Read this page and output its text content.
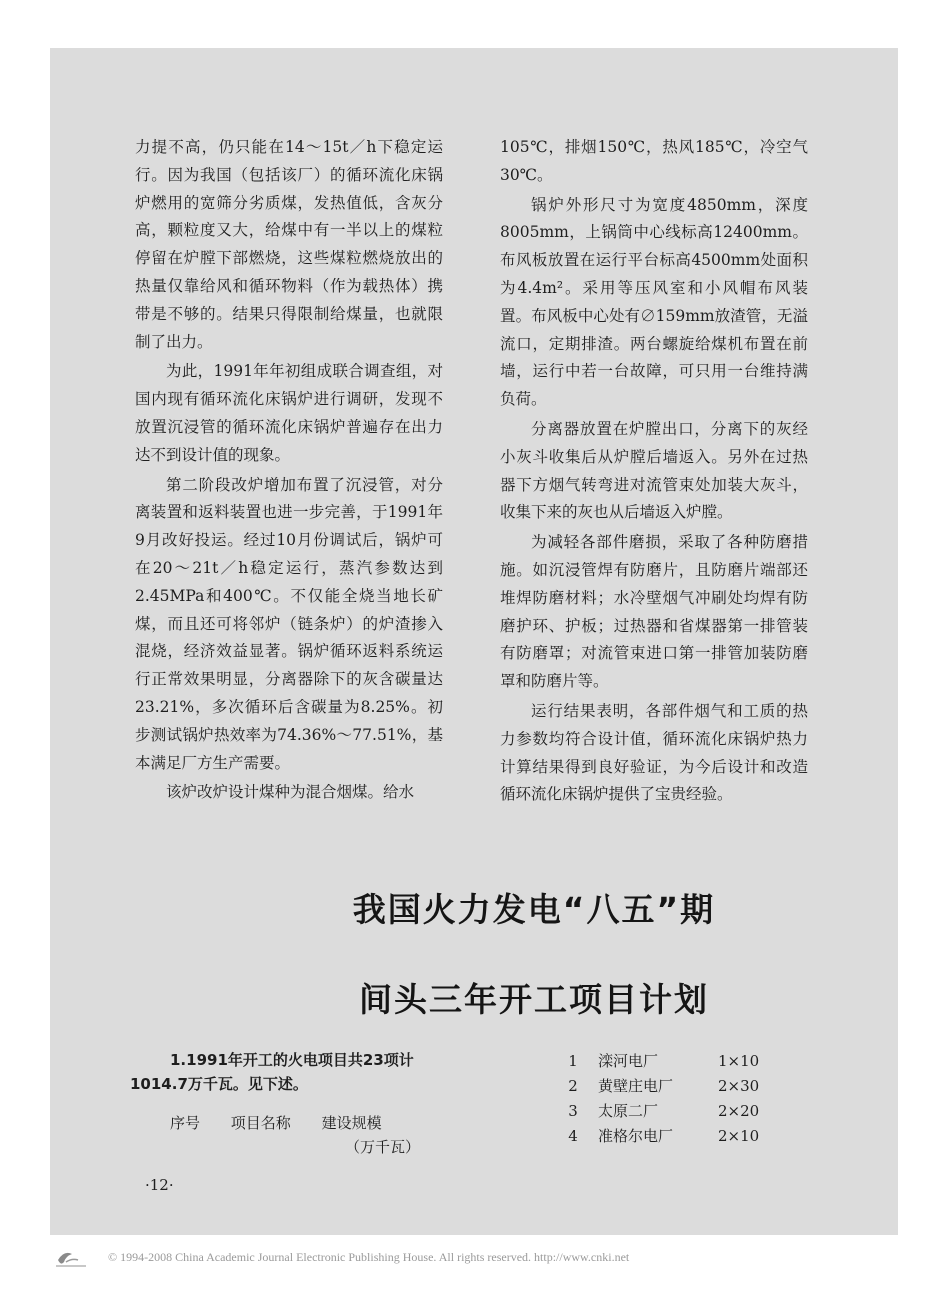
力提不高，仍只能在14～15t／h下稳定运行。因为我国（包括该厂）的循环流化床锅炉燃用的宽筛分劣质煤，发热值低，含灰分高，颗粒度又大，给煤中有一半以上的煤粒停留在炉膛下部燃烧，这些煤粒燃烧放出的热量仅靠给风和循环物料（作为载热体）携带是不够的。结果只得限制给煤量，也就限制了出力。

为此，1991年年初组成联合调查组，对国内现有循环流化床锅炉进行调研，发现不放置沉浸管的循环流化床锅炉普遍存在出力达不到设计值的现象。

第二阶段改炉增加布置了沉浸管，对分离装置和返料装置也进一步完善，于1991年9月改好投运。经过10月份调试后，锅炉可在20～21t／h稳定运行，蒸汽参数达到2.45MPa和400℃。不仅能全烧当地长矿煤，而且还可将邻炉（链条炉）的炉渣掺入混烧，经济效益显著。锅炉循环返料系统运行正常效果明显，分离器除下的灰含碳量达23.21%，多次循环后含碳量为8.25%。初步测试锅炉热效率为74.36%～77.51%，基本满足厂方生产需要。

该炉改炉设计煤种为混合烟煤。给水

105℃，排烟150℃，热风185℃，冷空气30℃。

锅炉外形尺寸为宽度4850mm，深度8005mm，上锅筒中心线标高12400mm。布风板放置在运行平台标高4500mm处面积为4.4m²。采用等压风室和小风帽布风装置。布风板中心处有∅159mm放渣管，无溢流口，定期排渣。两台螺旋给煤机布置在前墙，运行中若一台故障，可只用一台维持满负荷。

分离器放置在炉膛出口，分离下的灰经小灰斗收集后从炉膛后墙返入。另外在过热器下方烟气转弯进对流管束处加装大灰斗，收集下来的灰也从后墙返入炉膛。

为减轻各部件磨损，采取了各种防磨措施。如沉浸管焊有防磨片，且防磨片端部还堆焊防磨材料；水冷壁烟气冲刷处均焊有防磨护环、护板；过热器和省煤器第一排管装有防磨罩；对流管束进口第一排管加装防磨罩和防磨片等。

运行结果表明，各部件烟气和工质的热力参数均符合设计值，循环流化床锅炉热力计算结果得到良好验证，为今后设计和改造循环流化床锅炉提供了宝贵经验。

我国火力发电“八五”期
间头三年开工项目计划
1.1991年开工的火电项目共23项计
1014.7万千瓦。见下述。
序号 项目名称 建设规模
（万千瓦）
1 滦河电厂	1×10
2 黄壁庄电厂	2×30
3 太原二厂	2×20
4 准格尔电厂	2×10
·12·
© 1994-2008 China Academic Journal Electronic Publishing House. All rights reserved. http://www.cnki.net
